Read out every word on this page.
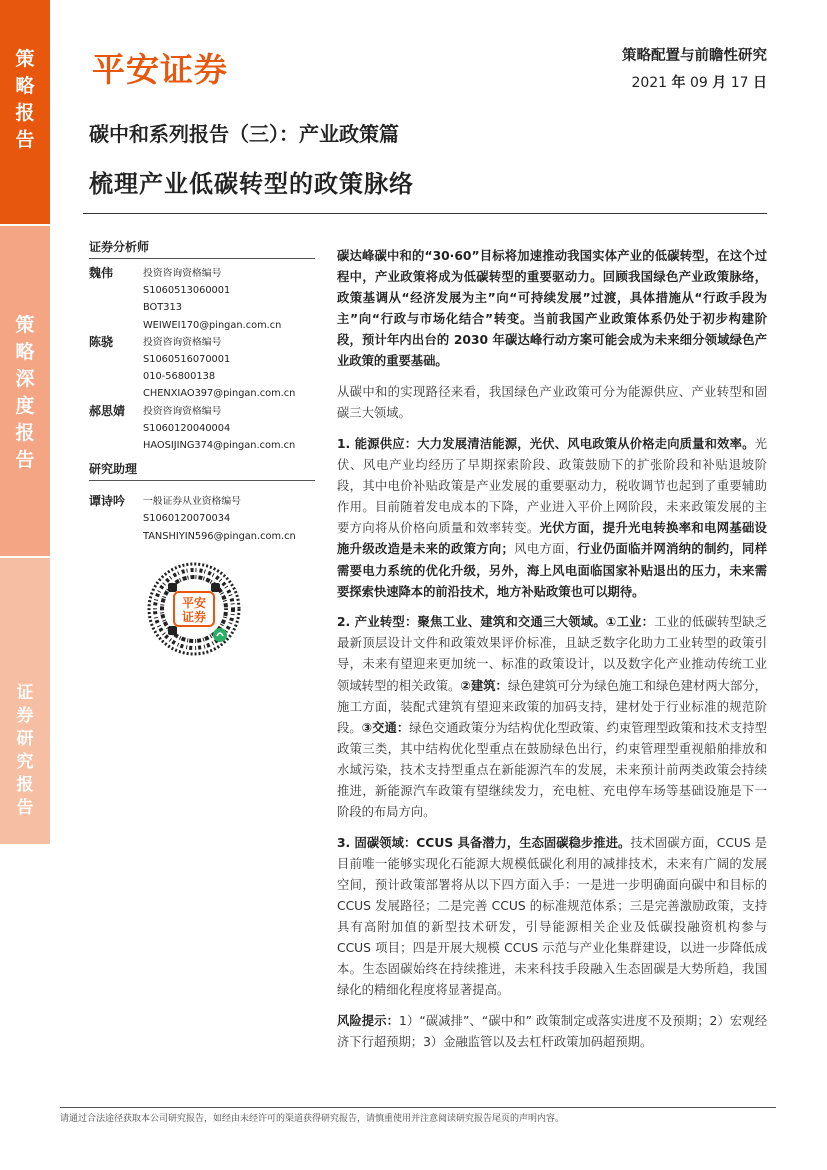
策
略
报
告
策
略
深
度
报
告
证
券
研
究
报
告
平安证券	策略配置与前瞻性研究
2021 年 09 月 17 日
碳中和系列报告（三）：产业政策篇
梳理产业低碳转型的政策脉络
证券分析师
魏伟	投资咨询资格编号
S1060513060001
BOT313
WEIWEI170@pingan.com.cn
陈骁	投资咨询资格编号
S1060516070001
010-56800138
CHENXIAO397@pingan.com.cn
郝思婧	投资咨询资格编号
S1060120040004
HAOSIJING374@pingan.com.cn
研究助理
谭诗吟	一般证券从业资格编号
S1060120070034
TANSHIYIN596@pingan.com.cn
平安
证券

碳达峰碳中和的“30·60”目标将加速推动我国实体产业的低碳转型，在这个过程中，产业政策将成为低碳转型的重要驱动力。回顾我国绿色产业政策脉络，政策基调从“经济发展为主”向“可持续发展”过渡，具体措施从“行政手段为主”向“行政与市场化结合”转变。当前我国产业政策体系仍处于初步构建阶段，预计年内出台的 2030 年碳达峰行动方案可能会成为未来细分领域绿色产业政策的重要基础。

从碳中和的实现路径来看，我国绿色产业政策可分为能源供应、产业转型和固碳三大领域。

1. 能源供应：大力发展清洁能源，光伏、风电政策从价格走向质量和效率。光伏、风电产业均经历了早期探索阶段、政策鼓励下的扩张阶段和补贴退坡阶段，其中电价补贴政策是产业发展的重要驱动力，税收调节也起到了重要辅助作用。目前随着发电成本的下降，产业进入平价上网阶段，未来政策发展的主要方向将从价格向质量和效率转变。光伏方面，提升光电转换率和电网基础设施升级改造是未来的政策方向；风电方面，行业仍面临并网消纳的制约，同样需要电力系统的优化升级，另外，海上风电面临国家补贴退出的压力，未来需要探索快速降本的前沿技术，地方补贴政策也可以期待。

2. 产业转型：聚焦工业、建筑和交通三大领域。①工业：工业的低碳转型缺乏最新顶层设计文件和政策效果评价标准，且缺乏数字化助力工业转型的政策引导，未来有望迎来更加统一、标准的政策设计，以及数字化产业推动传统工业领域转型的相关政策。②建筑：绿色建筑可分为绿色施工和绿色建材两大部分，施工方面，装配式建筑有望迎来政策的加码支持，建材处于行业标准的规范阶段。③交通：绿色交通政策分为结构优化型政策、约束管理型政策和技术支持型政策三类，其中结构优化型重点在鼓励绿色出行，约束管理型重视船舶排放和水域污染，技术支持型重点在新能源汽车的发展，未来预计前两类政策会持续推进，新能源汽车政策有望继续发力，充电桩、充电停车场等基础设施是下一阶段的布局方向。

3. 固碳领域：CCUS 具备潜力，生态固碳稳步推进。技术固碳方面，CCUS 是目前唯一能够实现化石能源大规模低碳化利用的减排技术，未来有广阔的发展空间，预计政策部署将从以下四方面入手：一是进一步明确面向碳中和目标的 CCUS 发展路径；二是完善 CCUS 的标准规范体系；三是完善激励政策，支持具有高附加值的新型技术研发，引导能源相关企业及低碳投融资机构参与 CCUS 项目；四是开展大规模 CCUS 示范与产业化集群建设，以进一步降低成本。生态固碳始终在持续推进，未来科技手段融入生态固碳是大势所趋，我国绿化的精细化程度将显著提高。

风险提示：1）“碳减排”、“碳中和” 政策制定或落实进度不及预期；2）宏观经济下行超预期；3）金融监管以及去杠杆政策加码超预期。

请通过合法途径获取本公司研究报告，如经由未经许可的渠道获得研究报告，请慎重使用并注意阅读研究报告尾页的声明内容。
